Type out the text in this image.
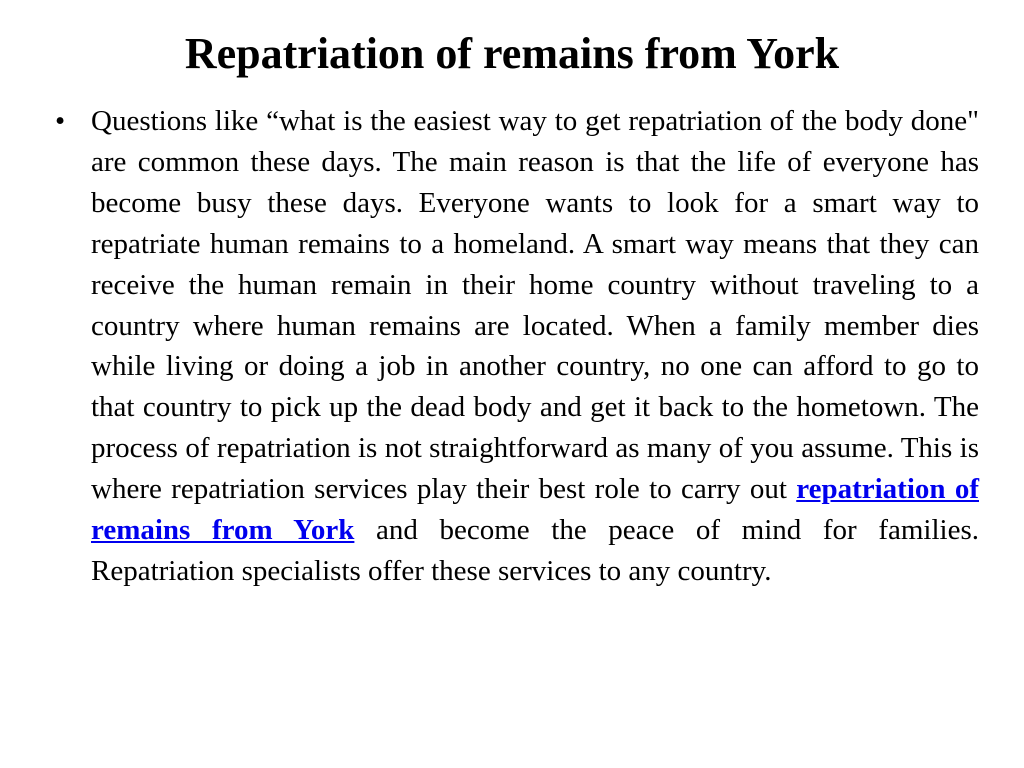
Repatriation of remains from York
• Questions like “what is the easiest way to get repatriation of the body done" are common these days. The main reason is that the life of everyone has become busy these days. Everyone wants to look for a smart way to repatriate human remains to a homeland. A smart way means that they can receive the human remain in their home country without traveling to a country where human remains are located. When a family member dies while living or doing a job in another country, no one can afford to go to that country to pick up the dead body and get it back to the hometown. The process of repatriation is not straightforward as many of you assume. This is where repatriation services play their best role to carry out repatriation of remains from York and become the peace of mind for families. Repatriation specialists offer these services to any country.
